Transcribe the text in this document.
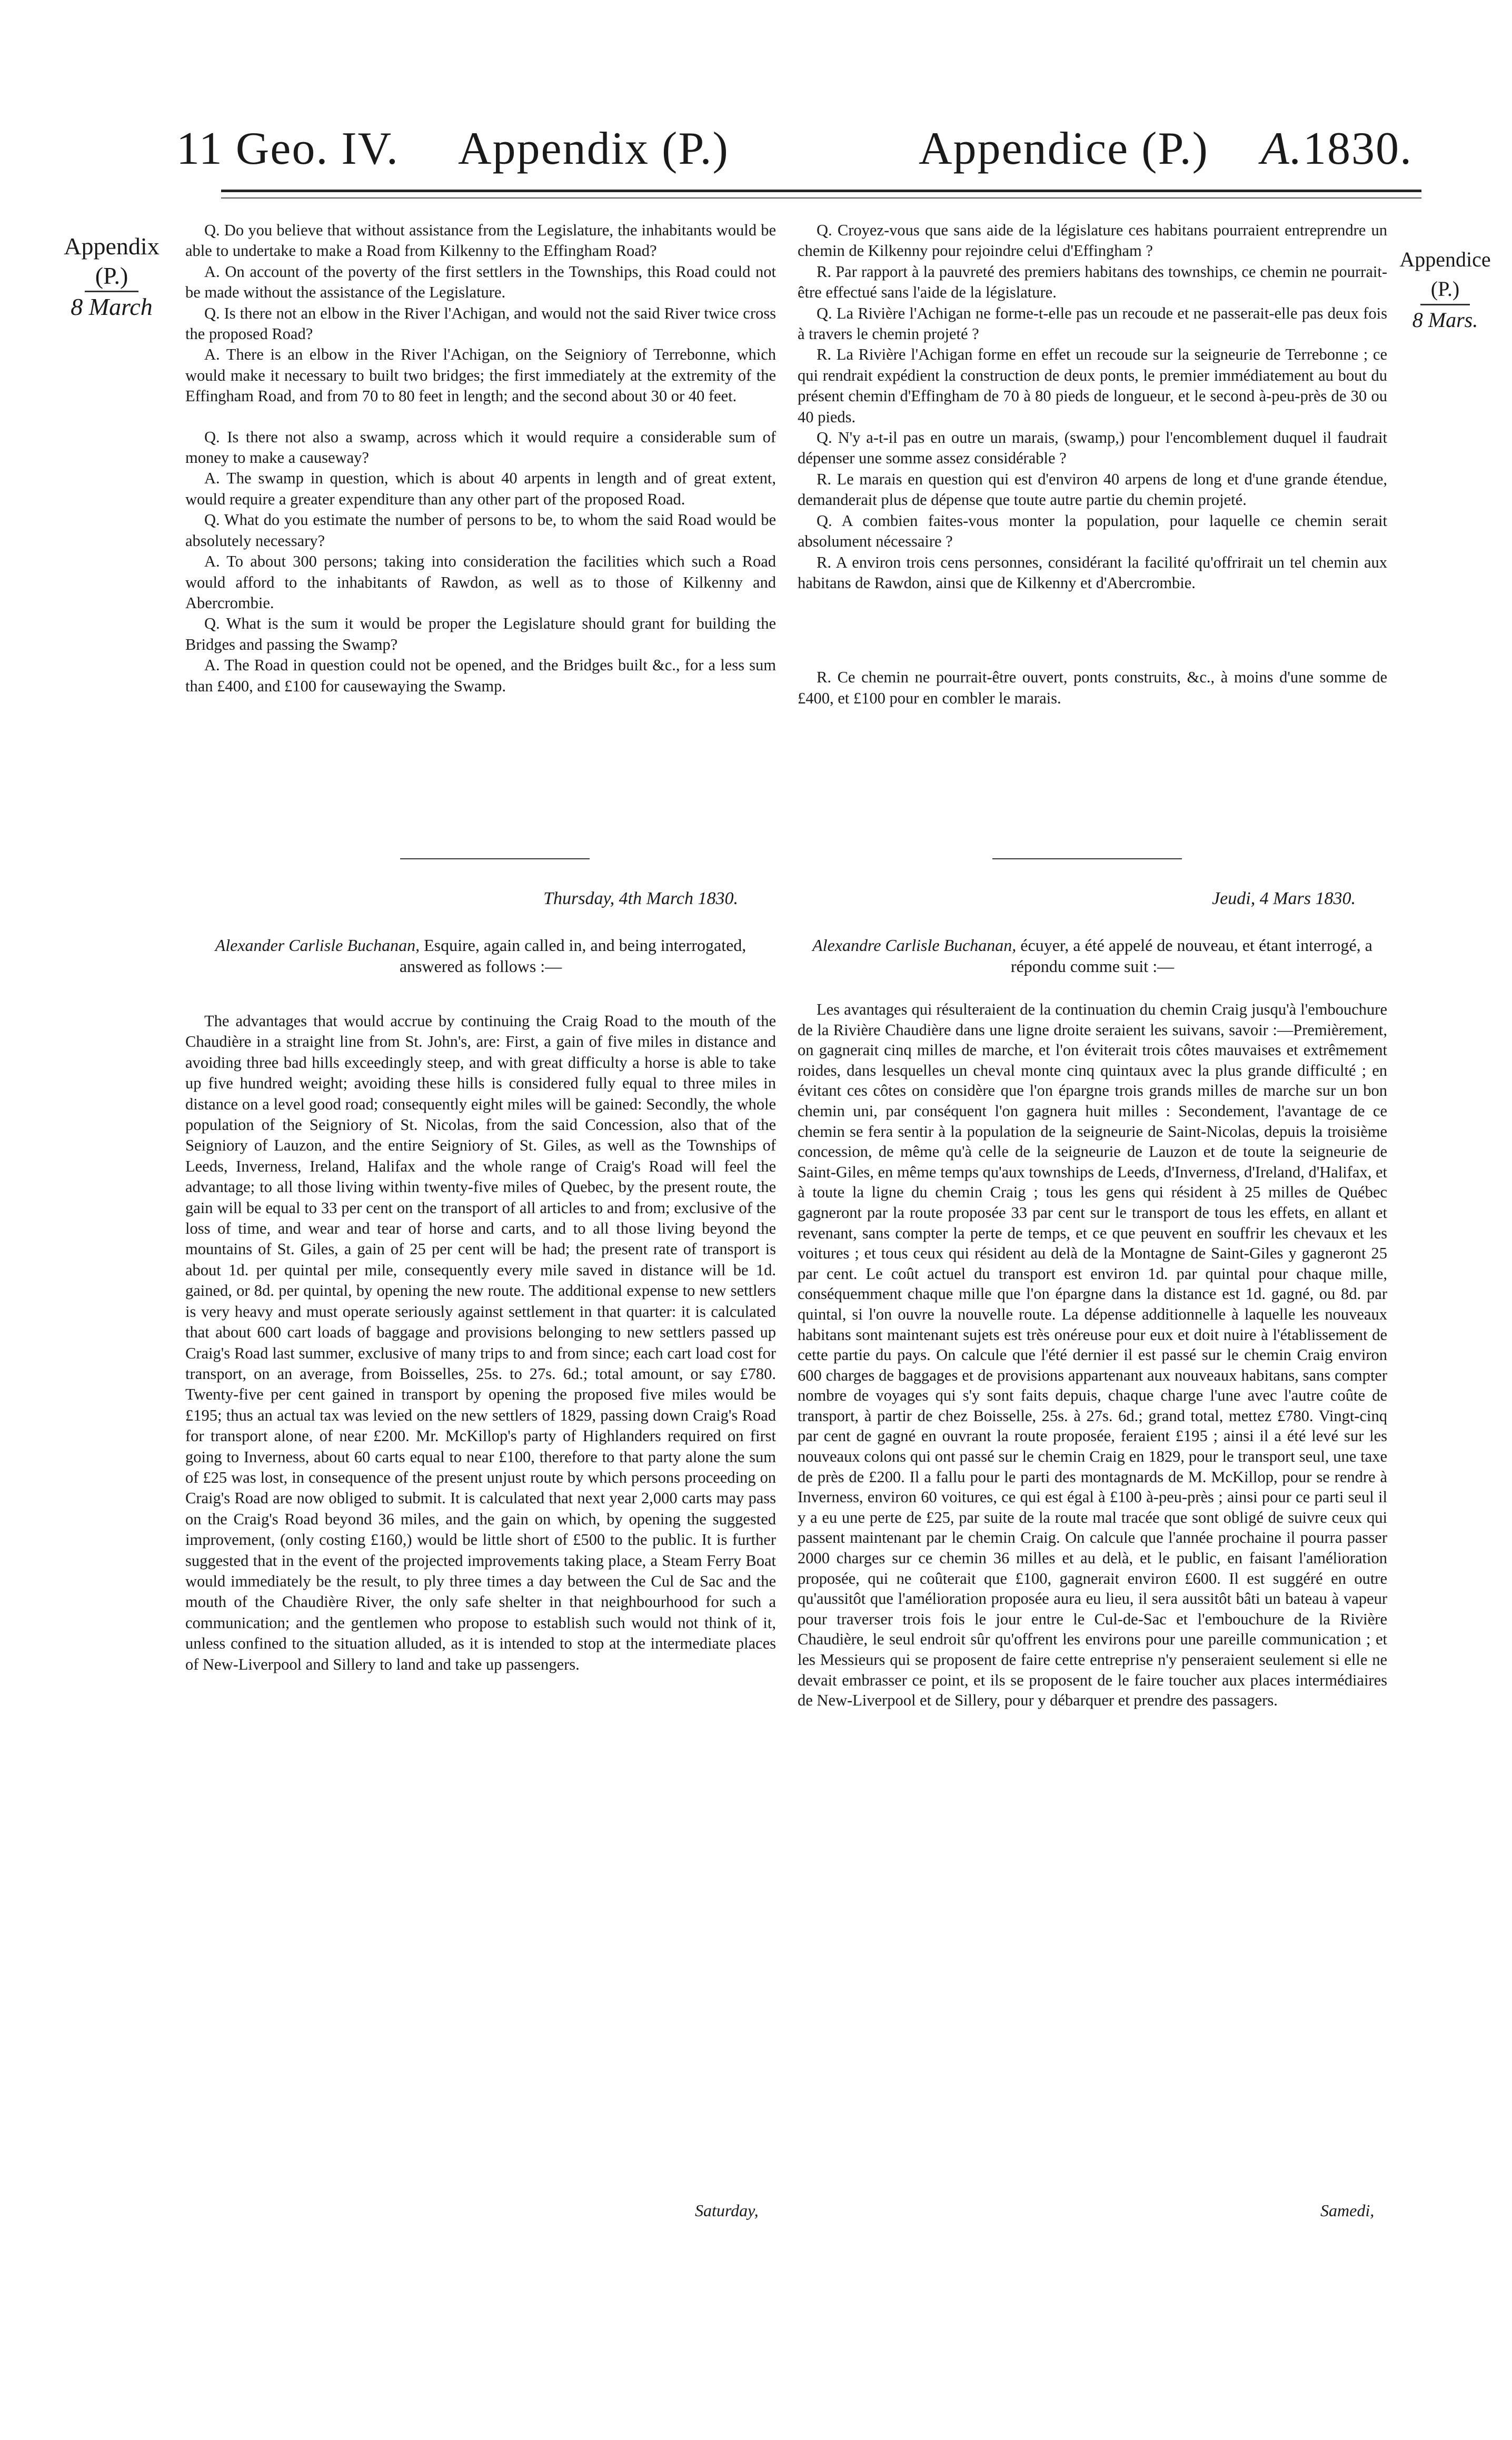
11 Geo. IV. Appendix (P.)	Appendice (P.) A. 1830.
Appendix
(P.)
8 March
Appendice
(P.)
8 Mars.

Q. Do you believe that without assistance from the Legislature, the inhabitants would be able to undertake to make a Road from Kilkenny to the Effingham Road?

A. On account of the poverty of the first settlers in the Townships, this Road could not be made without the assistance of the Legislature.

Q. Is there not an elbow in the River l'Achigan, and would not the said River twice cross the proposed Road?

A. There is an elbow in the River l'Achigan, on the Seigniory of Terrebonne, which would make it necessary to built two bridges; the first immediately at the extremity of the Effingham Road, and from 70 to 80 feet in length; and the second about 30 or 40 feet.

Q. Is there not also a swamp, across which it would require a considerable sum of money to make a causeway?

A. The swamp in question, which is about 40 arpents in length and of great extent, would require a greater expenditure than any other part of the proposed Road.

Q. What do you estimate the number of persons to be, to whom the said Road would be absolutely necessary?

A. To about 300 persons; taking into consideration the facilities which such a Road would afford to the inhabitants of Rawdon, as well as to those of Kilkenny and Abercrombie.

Q. What is the sum it would be proper the Legislature should grant for building the Bridges and passing the Swamp?

A. The Road in question could not be opened, and the Bridges built &c., for a less sum than £400, and £100 for causewaying the Swamp.

Q. Croyez-vous que sans aide de la législature ces habitans pourraient entreprendre un chemin de Kilkenny pour rejoindre celui d'Effingham ?

R. Par rapport à la pauvreté des premiers habitans des townships, ce chemin ne pourrait-être effectué sans l'aide de la législature.

Q. La Rivière l'Achigan ne forme-t-elle pas un recoude et ne passerait-elle pas deux fois à travers le chemin projeté ?

R. La Rivière l'Achigan forme en effet un recoude sur la seigneurie de Terrebonne ; ce qui rendrait expédient la construction de deux ponts, le premier immédiatement au bout du présent chemin d'Effingham de 70 à 80 pieds de longueur, et le second à-peu-près de 30 ou 40 pieds.

Q. N'y a-t-il pas en outre un marais, (swamp,) pour l'encomblement duquel il faudrait dépenser une somme assez considérable ?

R. Le marais en question qui est d'environ 40 arpens de long et d'une grande étendue, demanderait plus de dépense que toute autre partie du chemin projeté.

Q. A combien faites-vous monter la population, pour laquelle ce chemin serait absolument nécessaire ?

R. A environ trois cens personnes, considérant la facilité qu'offrirait un tel chemin aux habitans de Rawdon, ainsi que de Kilkenny et d'Abercrombie.

R. Ce chemin ne pourrait-être ouvert, ponts construits, &c., à moins d'une somme de £400, et £100 pour en combler le marais.

Thursday, 4th March 1830.	Jeudi, 4 Mars 1830.
Alexander Carlisle Buchanan, Esquire, again called in, and being interrogated, answered as follows :—
Alexandre Carlisle Buchanan, écuyer, a été appelé de nouveau, et étant interrogé, a répondu comme suit :—

The advantages that would accrue by continuing the Craig Road to the mouth of the Chaudière in a straight line from St. John's, are: First, a gain of five miles in distance and avoiding three bad hills exceedingly steep, and with great difficulty a horse is able to take up five hundred weight; avoiding these hills is considered fully equal to three miles in distance on a level good road; consequently eight miles will be gained: Secondly, the whole population of the Seigniory of St. Nicolas, from the said Concession, also that of the Seigniory of Lauzon, and the entire Seigniory of St. Giles, as well as the Townships of Leeds, Inverness, Ireland, Halifax and the whole range of Craig's Road will feel the advantage; to all those living within twenty-five miles of Quebec, by the present route, the gain will be equal to 33 per cent on the transport of all articles to and from; exclusive of the loss of time, and wear and tear of horse and carts, and to all those living beyond the mountains of St. Giles, a gain of 25 per cent will be had; the present rate of transport is about 1d. per quintal per mile, consequently every mile saved in distance will be 1d. gained, or 8d. per quintal, by opening the new route. The additional expense to new settlers is very heavy and must operate seriously against settlement in that quarter: it is calculated that about 600 cart loads of baggage and provisions belonging to new settlers passed up Craig's Road last summer, exclusive of many trips to and from since; each cart load cost for transport, on an average, from Boisselles, 25s. to 27s. 6d.; total amount, or say £780. Twenty-five per cent gained in transport by opening the proposed five miles would be £195; thus an actual tax was levied on the new settlers of 1829, passing down Craig's Road for transport alone, of near £200. Mr. McKillop's party of Highlanders required on first going to Inverness, about 60 carts equal to near £100, therefore to that party alone the sum of £25 was lost, in consequence of the present unjust route by which persons proceeding on Craig's Road are now obliged to submit. It is calculated that next year 2,000 carts may pass on the Craig's Road beyond 36 miles, and the gain on which, by opening the suggested improvement, (only costing £160,) would be little short of £500 to the public. It is further suggested that in the event of the projected improvements taking place, a Steam Ferry Boat would immediately be the result, to ply three times a day between the Cul de Sac and the mouth of the Chaudière River, the only safe shelter in that neighbourhood for such a communication; and the gentlemen who propose to establish such would not think of it, unless confined to the situation alluded, as it is intended to stop at the intermediate places of New-Liverpool and Sillery to land and take up passengers.

Les avantages qui résulteraient de la continuation du chemin Craig jusqu'à l'embouchure de la Rivière Chaudière dans une ligne droite seraient les suivans, savoir :—Premièrement, on gagnerait cinq milles de marche, et l'on éviterait trois côtes mauvaises et extrêmement roides, dans lesquelles un cheval monte cinq quintaux avec la plus grande difficulté ; en évitant ces côtes on considère que l'on épargne trois grands milles de marche sur un bon chemin uni, par conséquent l'on gagnera huit milles : Secondement, l'avantage de ce chemin se fera sentir à la population de la seigneurie de Saint-Nicolas, depuis la troisième concession, de même qu'à celle de la seigneurie de Lauzon et de toute la seigneurie de Saint-Giles, en même temps qu'aux townships de Leeds, d'Inverness, d'Ireland, d'Halifax, et à toute la ligne du chemin Craig ; tous les gens qui résident à 25 milles de Québec gagneront par la route proposée 33 par cent sur le transport de tous les effets, en allant et revenant, sans compter la perte de temps, et ce que peuvent en souffrir les chevaux et les voitures ; et tous ceux qui résident au delà de la Montagne de Saint-Giles y gagneront 25 par cent. Le coût actuel du transport est environ 1d. par quintal pour chaque mille, conséquemment chaque mille que l'on épargne dans la distance est 1d. gagné, ou 8d. par quintal, si l'on ouvre la nouvelle route. La dépense additionnelle à laquelle les nouveaux habitans sont maintenant sujets est très onéreuse pour eux et doit nuire à l'établissement de cette partie du pays. On calcule que l'été dernier il est passé sur le chemin Craig environ 600 charges de baggages et de provisions appartenant aux nouveaux habitans, sans compter nombre de voyages qui s'y sont faits depuis, chaque charge l'une avec l'autre coûte de transport, à partir de chez Boisselle, 25s. à 27s. 6d.; grand total, mettez £780. Vingt-cinq par cent de gagné en ouvrant la route proposée, feraient £195 ; ainsi il a été levé sur les nouveaux colons qui ont passé sur le chemin Craig en 1829, pour le transport seul, une taxe de près de £200. Il a fallu pour le parti des montagnards de M. McKillop, pour se rendre à Inverness, environ 60 voitures, ce qui est égal à £100 à-peu-près ; ainsi pour ce parti seul il y a eu une perte de £25, par suite de la route mal tracée que sont obligé de suivre ceux qui passent maintenant par le chemin Craig. On calcule que l'année prochaine il pourra passer 2000 charges sur ce chemin 36 milles et au delà, et le public, en faisant l'amélioration proposée, qui ne coûterait que £100, gagnerait environ £600. Il est suggéré en outre qu'aussitôt que l'amélioration proposée aura eu lieu, il sera aussitôt bâti un bateau à vapeur pour traverser trois fois le jour entre le Cul-de-Sac et l'embouchure de la Rivière Chaudière, le seul endroit sûr qu'offrent les environs pour une pareille communication ; et les Messieurs qui se proposent de faire cette entreprise n'y penseraient seulement si elle ne devait embrasser ce point, et ils se proposent de le faire toucher aux places intermédiaires de New-Liverpool et de Sillery, pour y débarquer et prendre des passagers.

Saturday,	Samedi,
